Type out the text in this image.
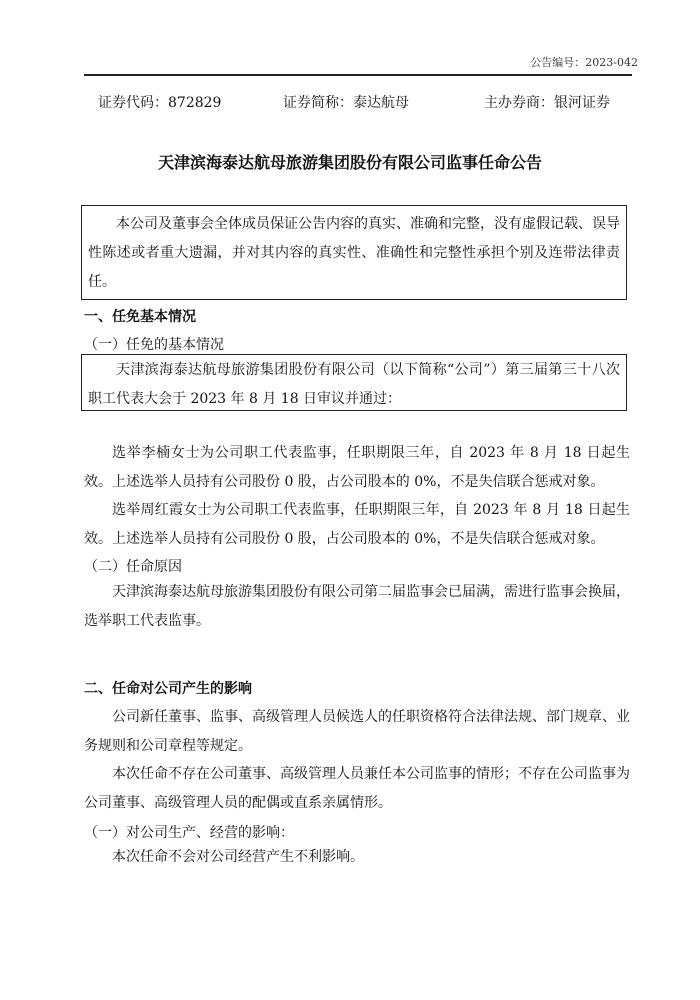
公告编号：2023-042
证券代码：872829	证券简称：泰达航母	主办券商：银河证券
天津滨海泰达航母旅游集团股份有限公司监事任命公告
本公司及董事会全体成员保证公告内容的真实、准确和完整，没有虚假记载、误导性陈述或者重大遗漏，并对其内容的真实性、准确性和完整性承担个别及连带法律责任。
一、任免基本情况
（一）任免的基本情况
天津滨海泰达航母旅游集团股份有限公司（以下简称“公司”）第三届第三十八次职工代表大会于 2023 年 8 月 18 日审议并通过：
选举李楠女士为公司职工代表监事，任职期限三年，自 2023 年 8 月 18 日起生效。上述选举人员持有公司股份 0 股，占公司股本的 0%，不是失信联合惩戒对象。
选举周红霞女士为公司职工代表监事，任职期限三年，自 2023 年 8 月 18 日起生效。上述选举人员持有公司股份 0 股，占公司股本的 0%，不是失信联合惩戒对象。
（二）任命原因
天津滨海泰达航母旅游集团股份有限公司第二届监事会已届满，需进行监事会换届，选举职工代表监事。
二、任命对公司产生的影响
公司新任董事、监事、高级管理人员候选人的任职资格符合法律法规、部门规章、业务规则和公司章程等规定。
本次任命不存在公司董事、高级管理人员兼任本公司监事的情形；不存在公司监事为公司董事、高级管理人员的配偶或直系亲属情形。
（一）对公司生产、经营的影响：
本次任命不会对公司经营产生不利影响。
